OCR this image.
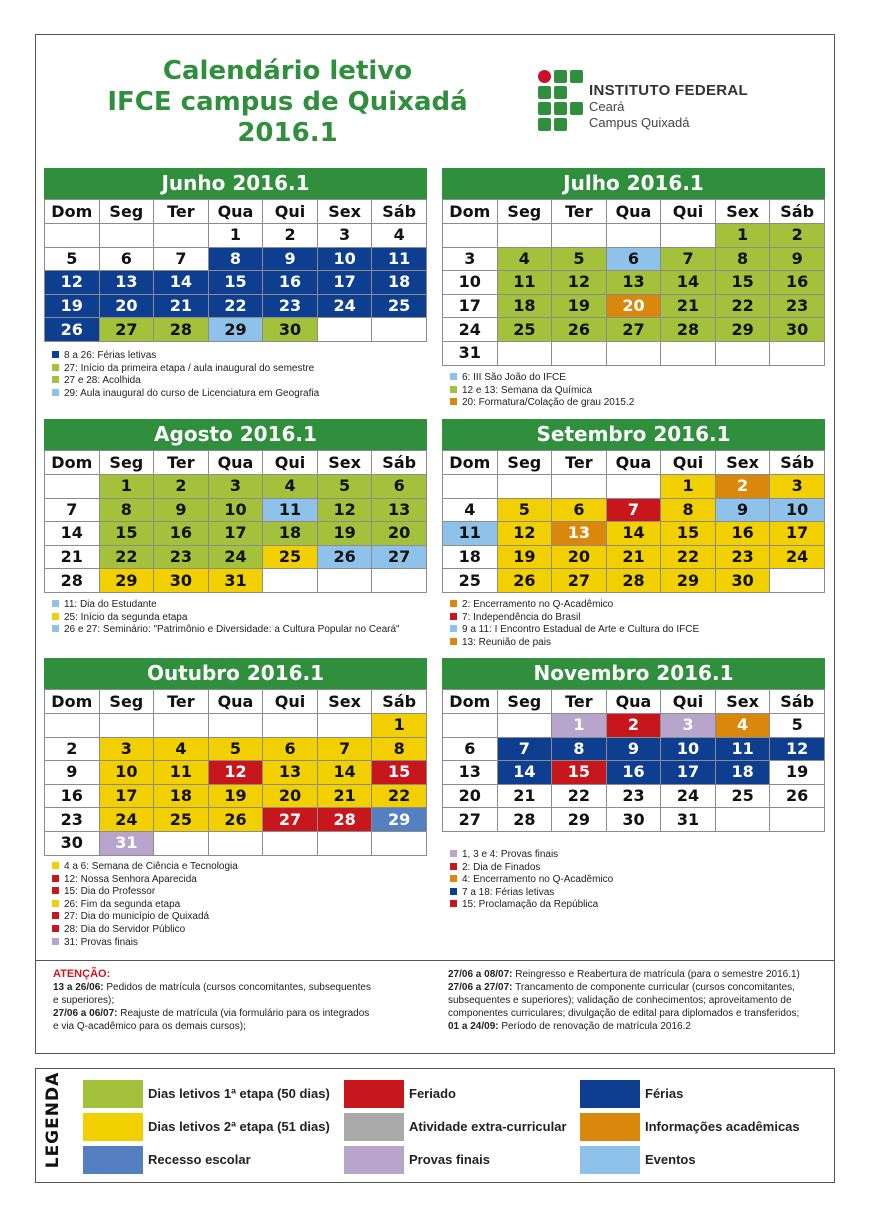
Calendário letivo
IFCE campus de Quixadá
2016.1
INSTITUTO FEDERAL
Ceará
Campus Quixadá
Junho 2016.1
Dom	Seg	Ter	Qua	Qui	Sex	Sáb
			1	2	3	4
5	6	7	8	9	10	11
12	13	14	15	16	17	18
19	20	21	22	23	24	25
26	27	28	29	30		
Julho 2016.1
Dom	Seg	Ter	Qua	Qui	Sex	Sáb
					1	2
3	4	5	6	7	8	9
10	11	12	13	14	15	16
17	18	19	20	21	22	23
24	25	26	27	28	29	30
31						
Agosto 2016.1
Dom	Seg	Ter	Qua	Qui	Sex	Sáb
	1	2	3	4	5	6
7	8	9	10	11	12	13
14	15	16	17	18	19	20
21	22	23	24	25	26	27
28	29	30	31			
Setembro 2016.1
Dom	Seg	Ter	Qua	Qui	Sex	Sáb
				1	2	3
4	5	6	7	8	9	10
11	12	13	14	15	16	17
18	19	20	21	22	23	24
25	26	27	28	29	30	
Outubro 2016.1
Dom	Seg	Ter	Qua	Qui	Sex	Sáb
						1
2	3	4	5	6	7	8
9	10	11	12	13	14	15
16	17	18	19	20	21	22
23	24	25	26	27	28	29
30	31					
Novembro 2016.1
Dom	Seg	Ter	Qua	Qui	Sex	Sáb
		1	2	3	4	5
6	7	8	9	10	11	12
13	14	15	16	17	18	19
20	21	22	23	24	25	26
27	28	29	30	31		
8 a 26: Férias letivas
27: Início da primeira etapa / aula inaugural do semestre
27 e 28: Acolhida
29: Aula inaugural do curso de Licenciatura em Geografia
6: III São João do IFCE
12 e 13: Semana da Química
20: Formatura/Colação de grau 2015.2
11: Dia do Estudante
25: Início da segunda etapa
26 e 27: Seminário: "Patrimônio e Diversidade: a Cultura Popular no Ceará"
2: Encerramento no Q-Acadêmico
7: Independência do Brasil
9 a 11: I Encontro Estadual de Arte e Cultura do IFCE
13: Reunião de pais
4 a 6: Semana de Ciência e Tecnologia
12: Nossa Senhora Aparecida
15: Dia do Professor
26: Fim da segunda etapa
27: Dia do município de Quixadá
28: Dia do Servidor Público
31: Provas finais
1, 3 e 4: Provas finais
2: Dia de Finados
4: Encerramento no Q-Acadêmico
7 a 18: Férias letivas
15: Proclamação da República
ATENÇÃO:
13 a 26/06: Pedidos de matrícula (cursos concomitantes, subsequentes e superiores);
27/06 a 06/07: Reajuste de matrícula (via formulário para os integrados e via Q-acadêmico para os demais cursos);
27/06 a 08/07: Reingresso e Reabertura de matrícula (para o semestre 2016.1)
27/06 a 27/07: Trancamento de componente curricular (cursos concomitantes, subsequentes e superiores); validação de conhecimentos; aproveitamento de componentes curriculares; divulgação de edital para diplomados e transferidos;
01 a 24/09: Período de renovação de matrícula 2016.2
LEGENDA	Dias letivos 1ª etapa (50 dias)
Dias letivos 2ª etapa (51 dias)
Recesso escolar
Feriado
Atividade extra-curricular
Provas finais
Férias
Informações acadêmicas
Eventos
